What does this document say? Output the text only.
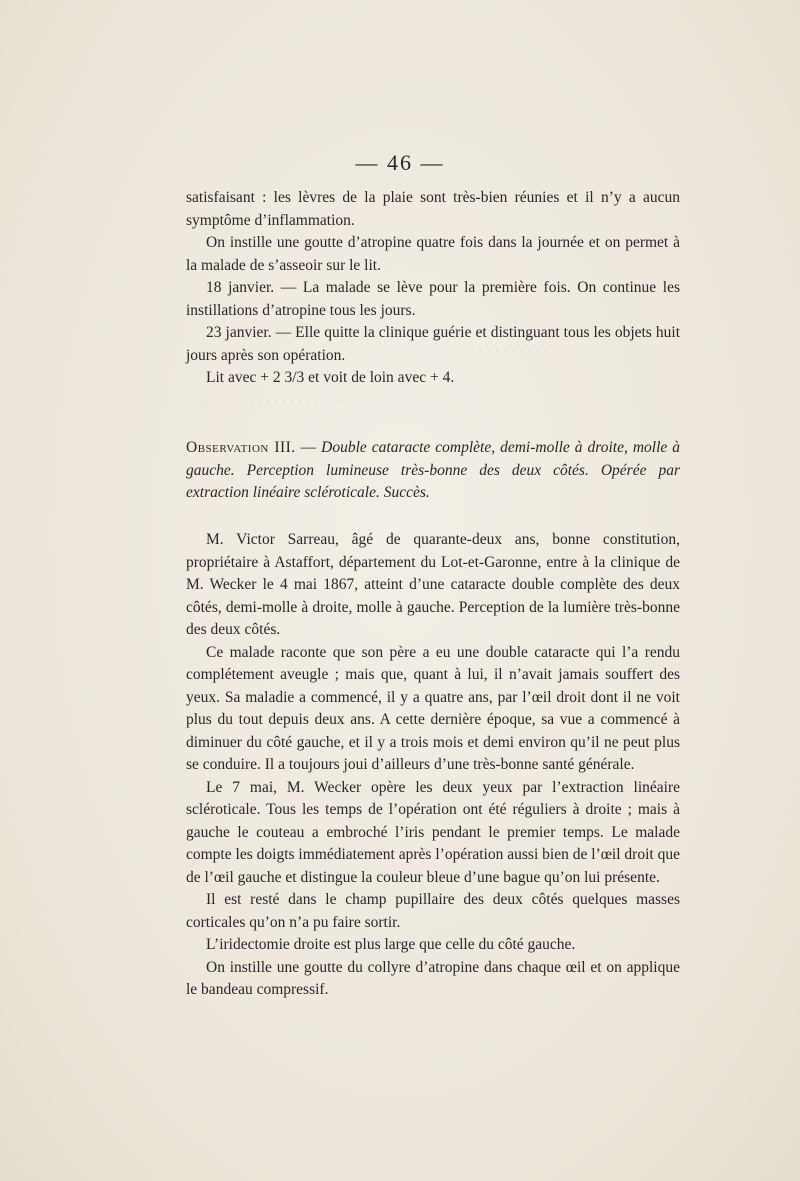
· · · · · · · · · · ·
· · · · · · · · · · · · · · · · · · · · · · ·
— 46 —

satisfaisant : les lèvres de la plaie sont très-bien réunies et il n’y a aucun symptôme d’inflammation.

On instille une goutte d’atropine quatre fois dans la journée et on permet à la malade de s’asseoir sur le lit.

18 janvier. — La malade se lève pour la première fois. On continue les instillations d’atropine tous les jours.

23 janvier. — Elle quitte la clinique guérie et distinguant tous les objets huit jours après son opération.

Lit avec + 2 3/3 et voit de loin avec + 4.

Observation III. — Double cataracte complète, demi-molle à droite, molle à gauche. Perception lumineuse très-bonne des deux côtés. Opérée par extraction linéaire scléroticale. Succès.

M. Victor Sarreau, âgé de quarante-deux ans, bonne constitution, propriétaire à Astaffort, département du Lot-et-Garonne, entre à la clinique de M. Wecker le 4 mai 1867, atteint d’une cataracte double complète des deux côtés, demi-molle à droite, molle à gauche. Perception de la lumière très-bonne des deux côtés.

Ce malade raconte que son père a eu une double cataracte qui l’a rendu complétement aveugle ; mais que, quant à lui, il n’avait jamais souffert des yeux. Sa maladie a commencé, il y a quatre ans, par l’œil droit dont il ne voit plus du tout depuis deux ans. A cette dernière époque, sa vue a commencé à diminuer du côté gauche, et il y a trois mois et demi environ qu’il ne peut plus se conduire. Il a toujours joui d’ailleurs d’une très-bonne santé générale.

Le 7 mai, M. Wecker opère les deux yeux par l’extraction linéaire scléroticale. Tous les temps de l’opération ont été réguliers à droite ; mais à gauche le couteau a embroché l’iris pendant le premier temps. Le malade compte les doigts immédiatement après l’opération aussi bien de l’œil droit que de l’œil gauche et distingue la couleur bleue d’une bague qu’on lui présente.

Il est resté dans le champ pupillaire des deux côtés quelques masses corticales qu’on n’a pu faire sortir.

L’iridectomie droite est plus large que celle du côté gauche.

On instille une goutte du collyre d’atropine dans chaque œil et on applique le bandeau compressif.
